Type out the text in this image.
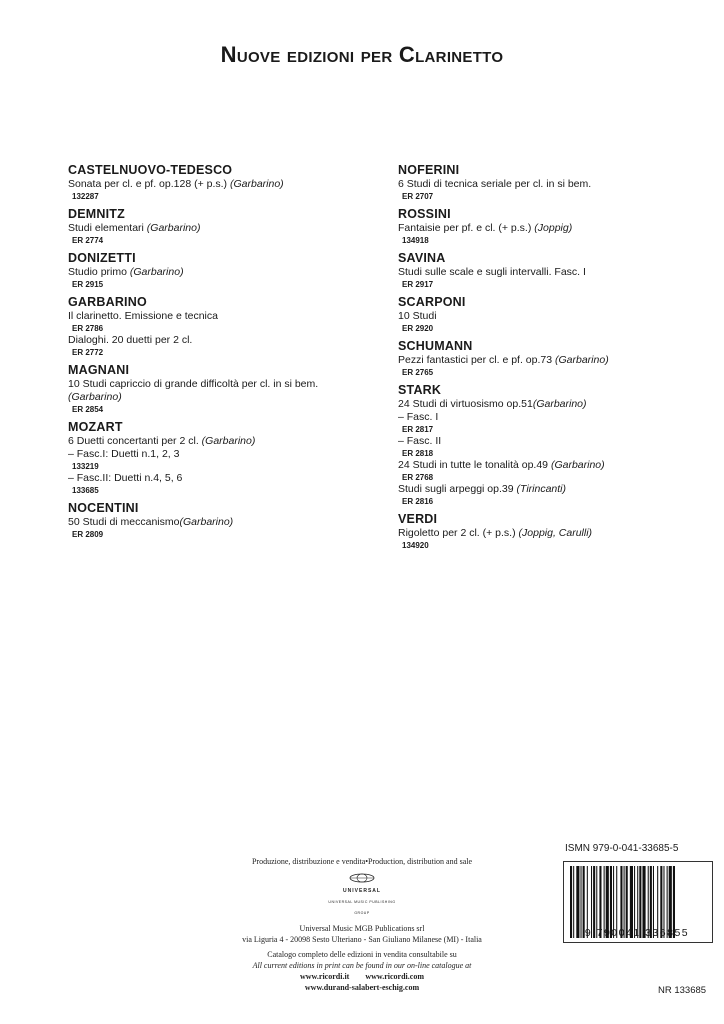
Nuove edizioni per Clarinetto
CASTELNUOVO-TEDESCO
Sonata per cl. e pf. op.128 (+ p.s.) (Garbarino)
132287
DEMNITZ
Studi elementari (Garbarino)
ER 2774
DONIZETTI
Studio primo (Garbarino)
ER 2915
GARBARINO
Il clarinetto. Emissione e tecnica
ER 2786
Dialoghi. 20 duetti per 2 cl.
ER 2772
MAGNANI
10 Studi capriccio di grande difficoltà per cl. in si bem. (Garbarino)
ER 2854
MOZART
6 Duetti concertanti per 2 cl. (Garbarino)
– Fasc.I: Duetti n.1, 2, 3
133219
– Fasc.II: Duetti n.4, 5, 6
133685
NOCENTINI
50 Studi di meccanismo(Garbarino)
ER 2809
NOFERINI
6 Studi di tecnica seriale per cl. in si bem.
ER 2707
ROSSINI
Fantaisie per pf. e cl. (+ p.s.) (Joppig)
134918
SAVINA
Studi sulle scale e sugli intervalli. Fasc. I
ER 2917
SCARPONI
10 Studi
ER 2920
SCHUMANN
Pezzi fantastici per cl. e pf. op.73 (Garbarino)
ER 2765
STARK
24 Studi di virtuosismo op.51(Garbarino)
– Fasc. I
ER 2817
– Fasc. II
ER 2818
24 Studi in tutte le tonalità op.49 (Garbarino)
ER 2768
Studi sugli arpeggi op.39 (Tirincanti)
ER 2816
VERDI
Rigoletto per 2 cl. (+ p.s.) (Joppig, Carulli)
134920
Produzione, distribuzione e vendita•Production, distribution and sale
UNIVERSAL
UNIVERSAL MUSIC PUBLISHING GROUP
Universal Music MGB Publications srl
via Liguria 4 - 20098 Sesto Ulteriano - San Giuliano Milanese (MI) - Italia
Catalogo completo delle edizioni in vendita consultabile su
All current editions in print can be found in our on-line catalogue at
www.ricordi.it www.ricordi.com
www.durand-salabert-eschig.com
ISMN 979-0-041-33685-5
9 790041 336855
NR 133685
